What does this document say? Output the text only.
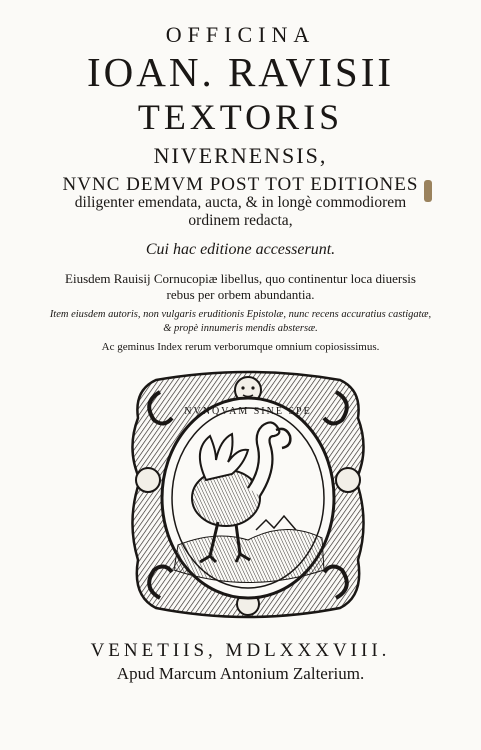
OFFICINA
IOAN. RAVISII
TEXTORIS
NIVERNENSIS,
NVNC DEMVM POST TOT EDITIONES
diligenter emendata, aucta, & in longè commodiorem
ordinem redacta,
Cui hac editione accesserunt.
Eiusdem Rauisij Cornucopiæ libellus, quo continentur loca diuersis
rebus per orbem abundantia.
Item eiusdem autoris, non vulgaris eruditionis Epistolæ, nunc recens accuratius castigatæ,
& propè innumeris mendis abstersæ.
Ac geminus Index rerum verborumque omnium copiosissimus.
NVNQVAM SINE SPE
VENETIIS, MDLXXXVIII.
Apud Marcum Antonium Zalterium.
